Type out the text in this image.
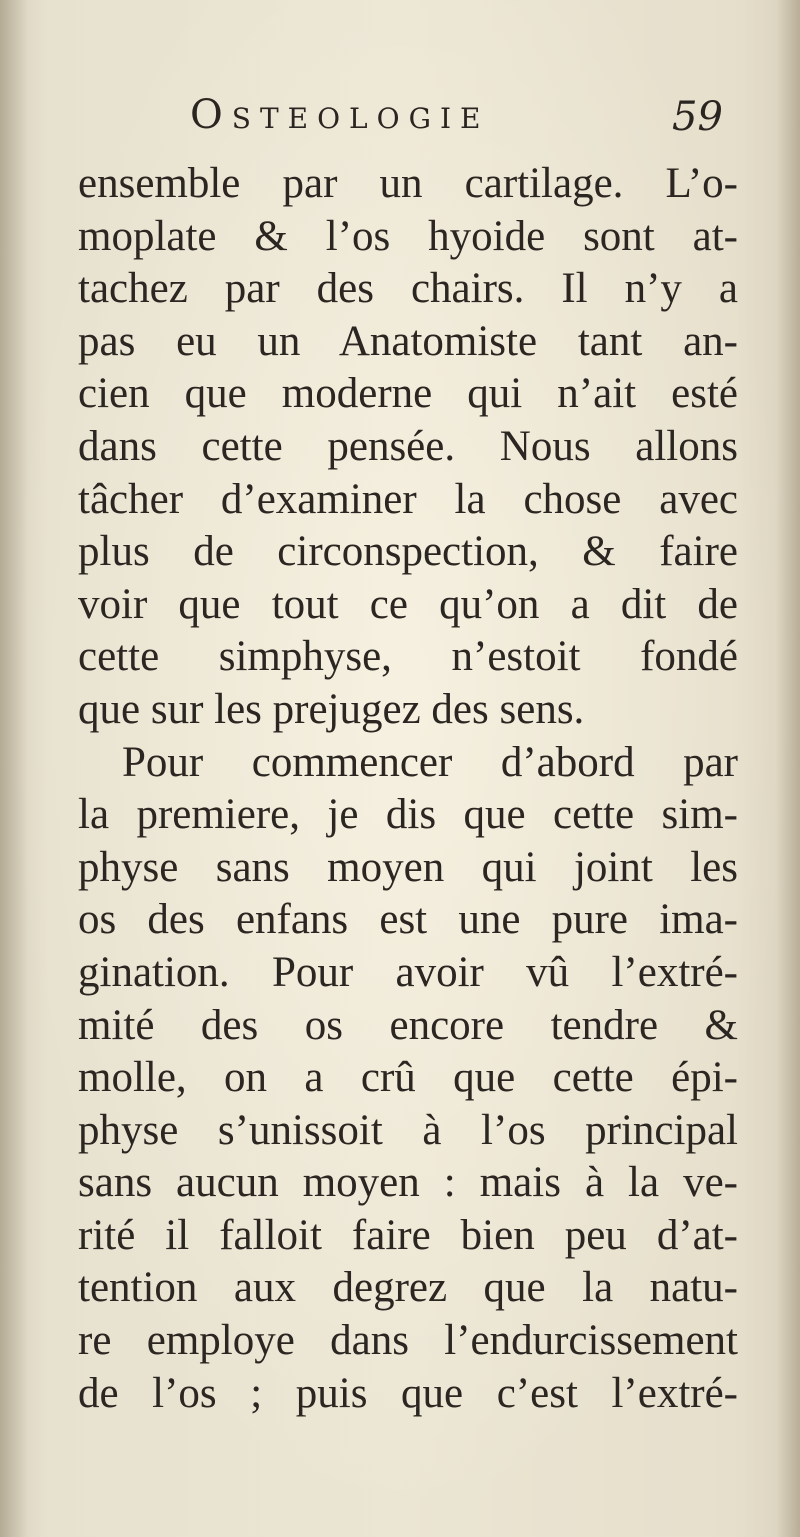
Osteologie	59
ensemble par un cartilage. L’o-
moplate & l’os hyoide sont at-
tachez par des chairs. Il n’y a
pas eu un Anatomiste tant an-
cien que moderne qui n’ait esté
dans cette pensée. Nous allons
tâcher d’examiner la chose avec
plus de circonspection, & faire
voir que tout ce qu’on a dit de
cette simphyse, n’estoit fondé
que sur les prejugez des sens.
Pour commencer d’abord par
la premiere, je dis que cette sim-
physe sans moyen qui joint les
os des enfans est une pure ima-
gination. Pour avoir vû l’extré-
mité des os encore tendre &
molle, on a crû que cette épi-
physe s’unissoit à l’os principal
sans aucun moyen : mais à la ve-
rité il falloit faire bien peu d’at-
tention aux degrez que la natu-
re employe dans l’endurcissement
de l’os ; puis que c’est l’extré-
